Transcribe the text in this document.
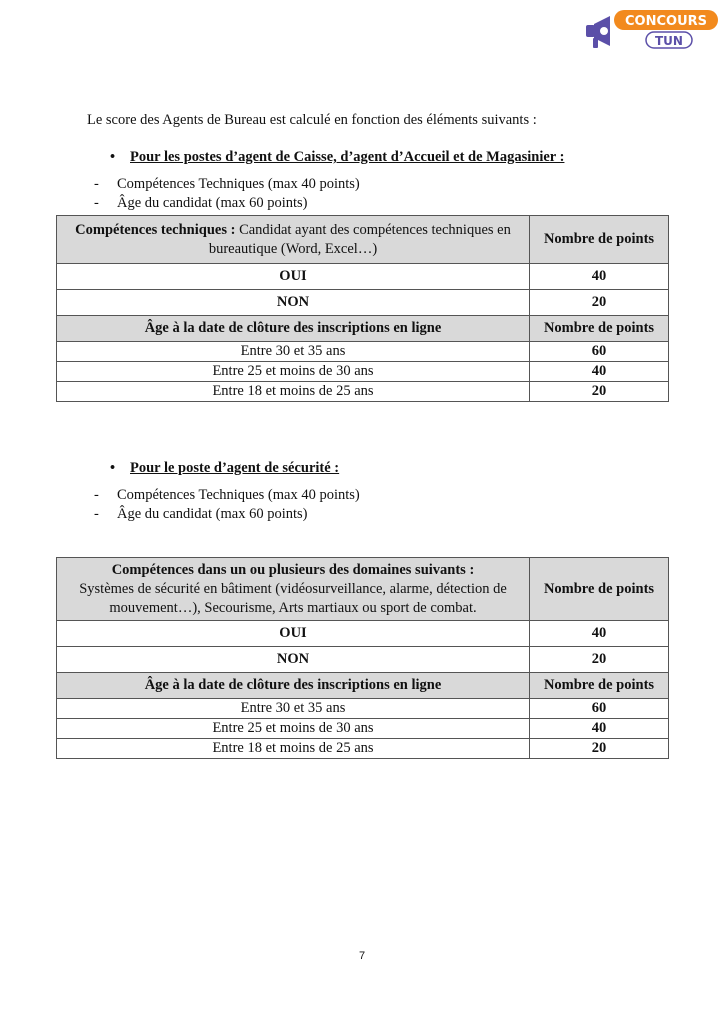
CONCOURS
TUN
Le score des Agents de Bureau est calculé en fonction des éléments suivants :
• Pour les postes d’agent de Caisse, d’agent d’Accueil et de Magasinier :
-	Compétences Techniques (max 40 points)
-	Âge du candidat (max 60 points)
Compétences techniques : Candidat ayant des compétences techniques en bureautique (Word, Excel…)	Nombre de points
OUI	40
NON	20
Âge à la date de clôture des inscriptions en ligne	Nombre de points
Entre 30 et 35 ans	60
Entre 25 et moins de 30 ans	40
Entre 18 et moins de 25 ans	20
• Pour le poste d’agent de sécurité :
-	Compétences Techniques (max 40 points)
-	Âge du candidat (max 60 points)
Compétences dans un ou plusieurs des domaines suivants :
Systèmes de sécurité en bâtiment (vidéosurveillance, alarme, détection de mouvement…), Secourisme, Arts martiaux ou sport de combat.	Nombre de points
OUI	40
NON	20
Âge à la date de clôture des inscriptions en ligne	Nombre de points
Entre 30 et 35 ans	60
Entre 25 et moins de 30 ans	40
Entre 18 et moins de 25 ans	20
7
